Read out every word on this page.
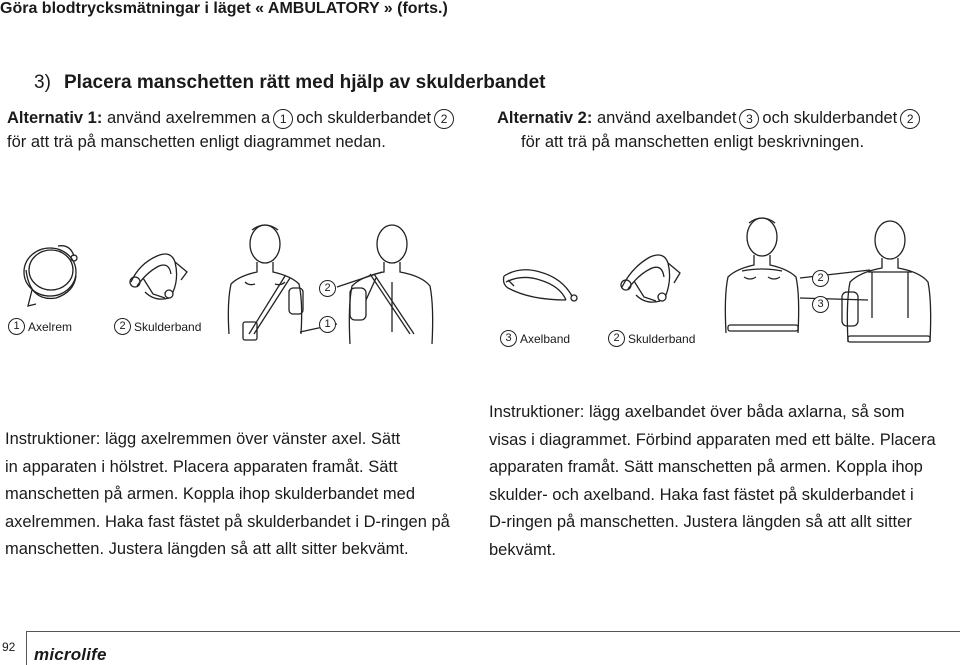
Göra blodtrycksmätningar i läget « AMBULATORY » (forts.)
3) Placera manschetten rätt med hjälp av skulderbandet
Alternativ 1: använd axelremmen a 1 och skulderbandet 2
för att trä på manschetten enligt diagrammet nedan.
Alternativ 2: använd axelbandet 3 och skulderbandet 2
för att trä på manschetten enligt beskrivningen.
2
1
1 Axelrem	2 Skulderband
2
3
3 Axelband	2 Skulderband
Instruktioner: lägg axelremmen över vänster axel. Sätt
in apparaten i hölstret. Placera apparaten framåt. Sätt
manschetten på armen. Koppla ihop skulderbandet med
axelremmen. Haka fast fästet på skulderbandet i D-ringen på
manschetten. Justera längden så att allt sitter bekvämt.
Instruktioner: lägg axelbandet över båda axlarna, så som
visas i diagrammet. Förbind apparaten med ett bälte. Placera
apparaten framåt. Sätt manschetten på armen. Koppla ihop
skulder- och axelband. Haka fast fästet på skulderbandet i
D-ringen på manschetten. Justera längden så att allt sitter
bekvämt.
92 microlife
